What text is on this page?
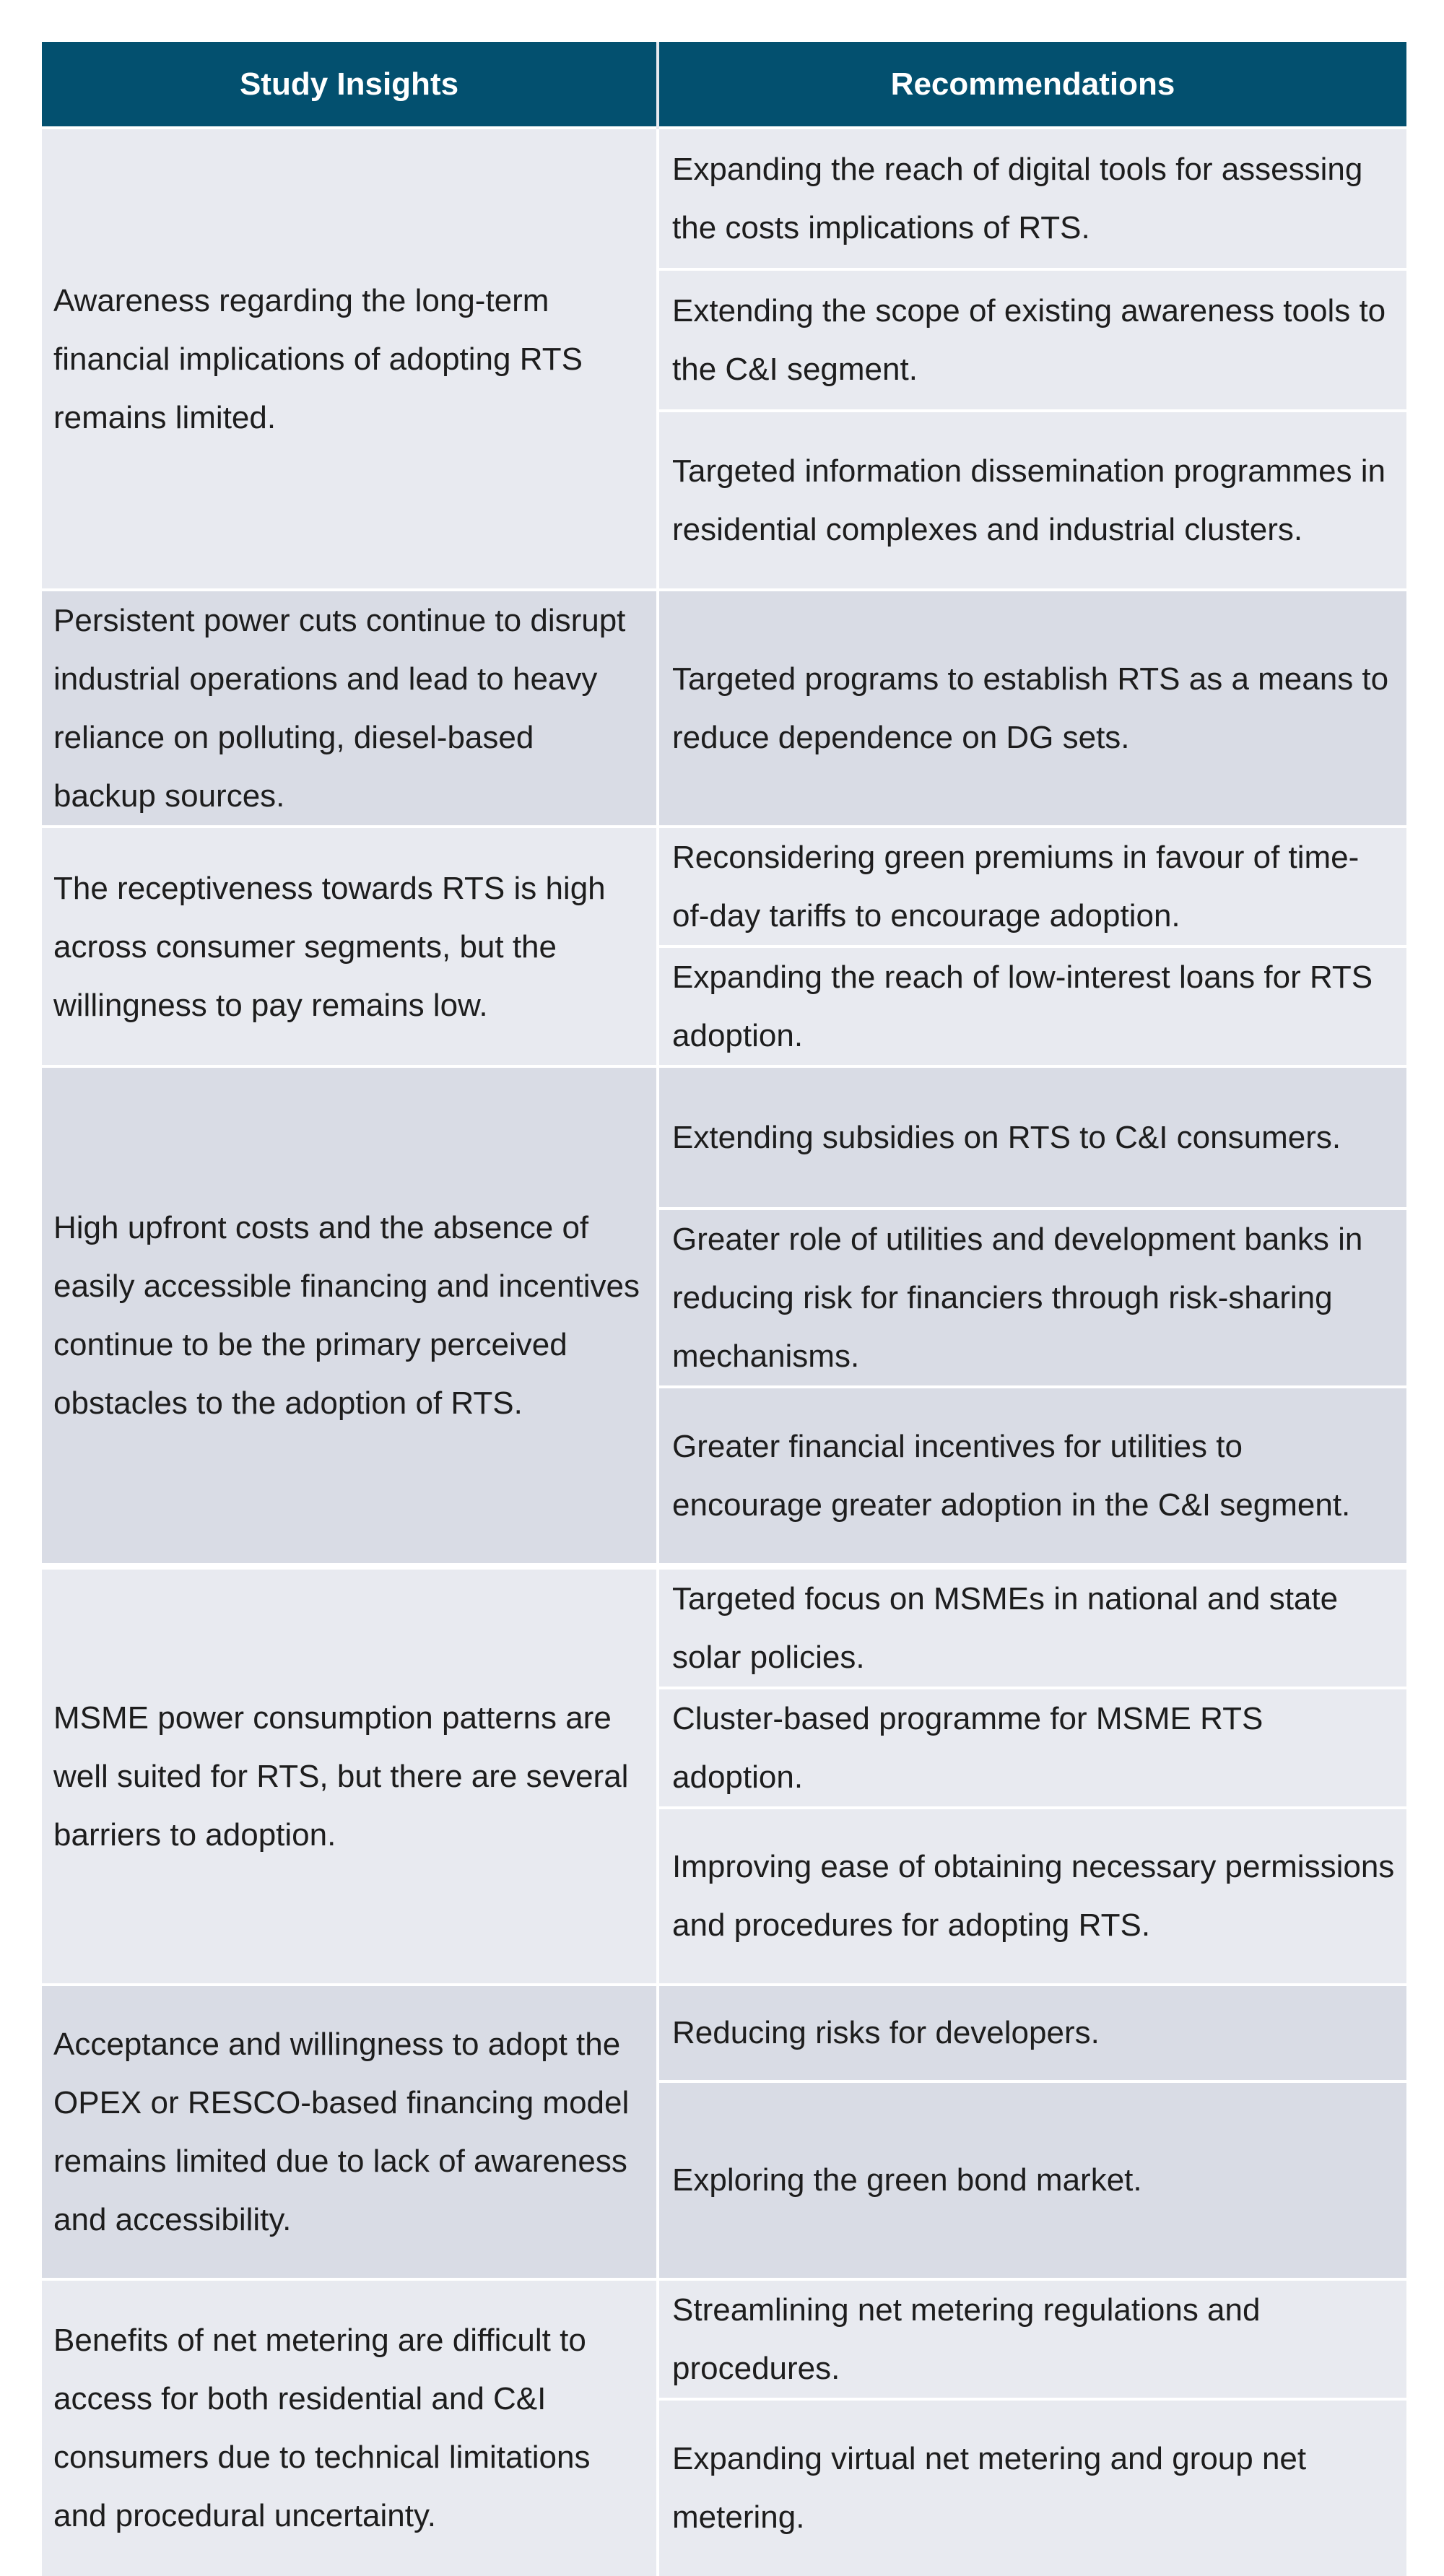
Study Insights	Recommendations
Awareness regarding the long-term financial implications of adopting RTS remains limited.	Expanding the reach of digital tools for assessing the costs implications of RTS.
	Extending the scope of existing awareness tools to the C&I segment.
	Targeted information dissemination programmes in residential complexes and industrial clusters.
Persistent power cuts continue to disrupt industrial operations and lead to heavy reliance on polluting, diesel-based backup sources.	Targeted programs to establish RTS as a means to reduce dependence on DG sets.
The receptiveness towards RTS is high across consumer segments, but the willingness to pay remains low.	Reconsidering green premiums in favour of time-of-day tariffs to encourage adoption.
	Expanding the reach of low-interest loans for RTS adoption.
High upfront costs and the absence of easily accessible financing and incentives continue to be the primary perceived obstacles to the adoption of RTS.	Extending subsidies on RTS to C&I consumers.
	Greater role of utilities and development banks in reducing risk for financiers through risk-sharing mechanisms.
	Greater financial incentives for utilities to encourage greater adoption in the C&I segment.
MSME power consumption patterns are well suited for RTS, but there are several barriers to adoption.	Targeted focus on MSMEs in national and state solar policies.
	Cluster-based programme for MSME RTS adoption.
	Improving ease of obtaining necessary permissions and procedures for adopting RTS.
Acceptance and willingness to adopt the OPEX or RESCO-based financing model remains limited due to lack of awareness and accessibility.	Reducing risks for developers.
	Exploring the green bond market.
Benefits of net metering are difficult to access for both residential and C&I consumers due to technical limitations and procedural uncertainty.	Streamlining net metering regulations and procedures.
	Expanding virtual net metering and group net metering.
